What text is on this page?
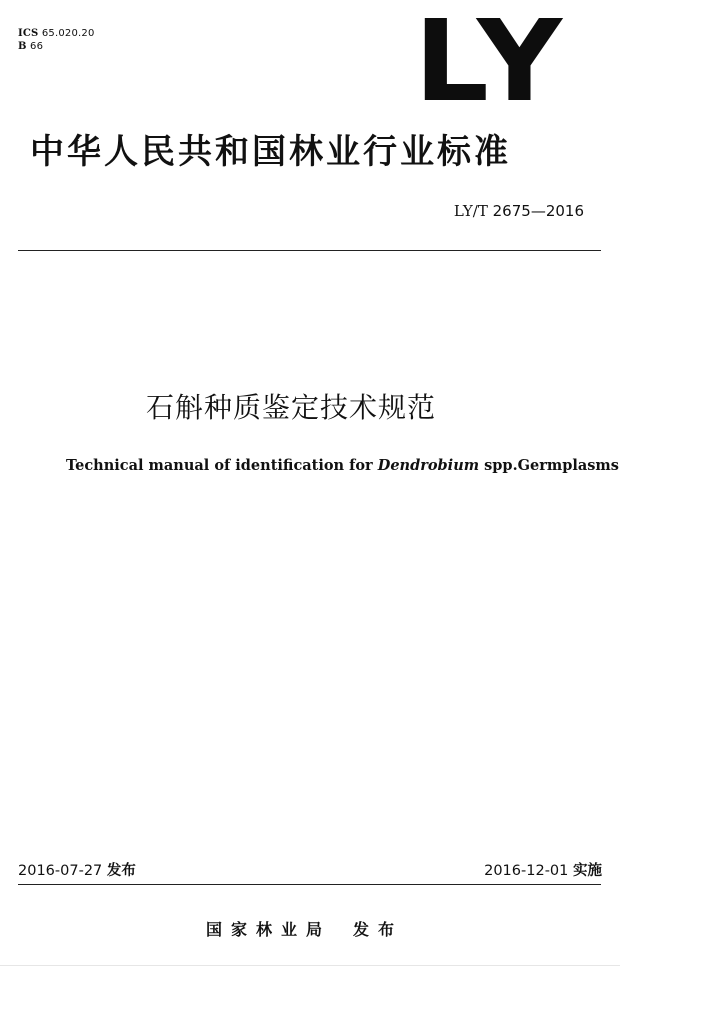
ICS 65.020.20
B 66	LY
中华人民共和国林业行业标准
LY/T 2675—2016
石斛种质鉴定技术规范
Technical manual of identification for Dendrobium spp.Germplasms
2016-07-27 发布	2016-12-01 实施
国家林业局 发布
